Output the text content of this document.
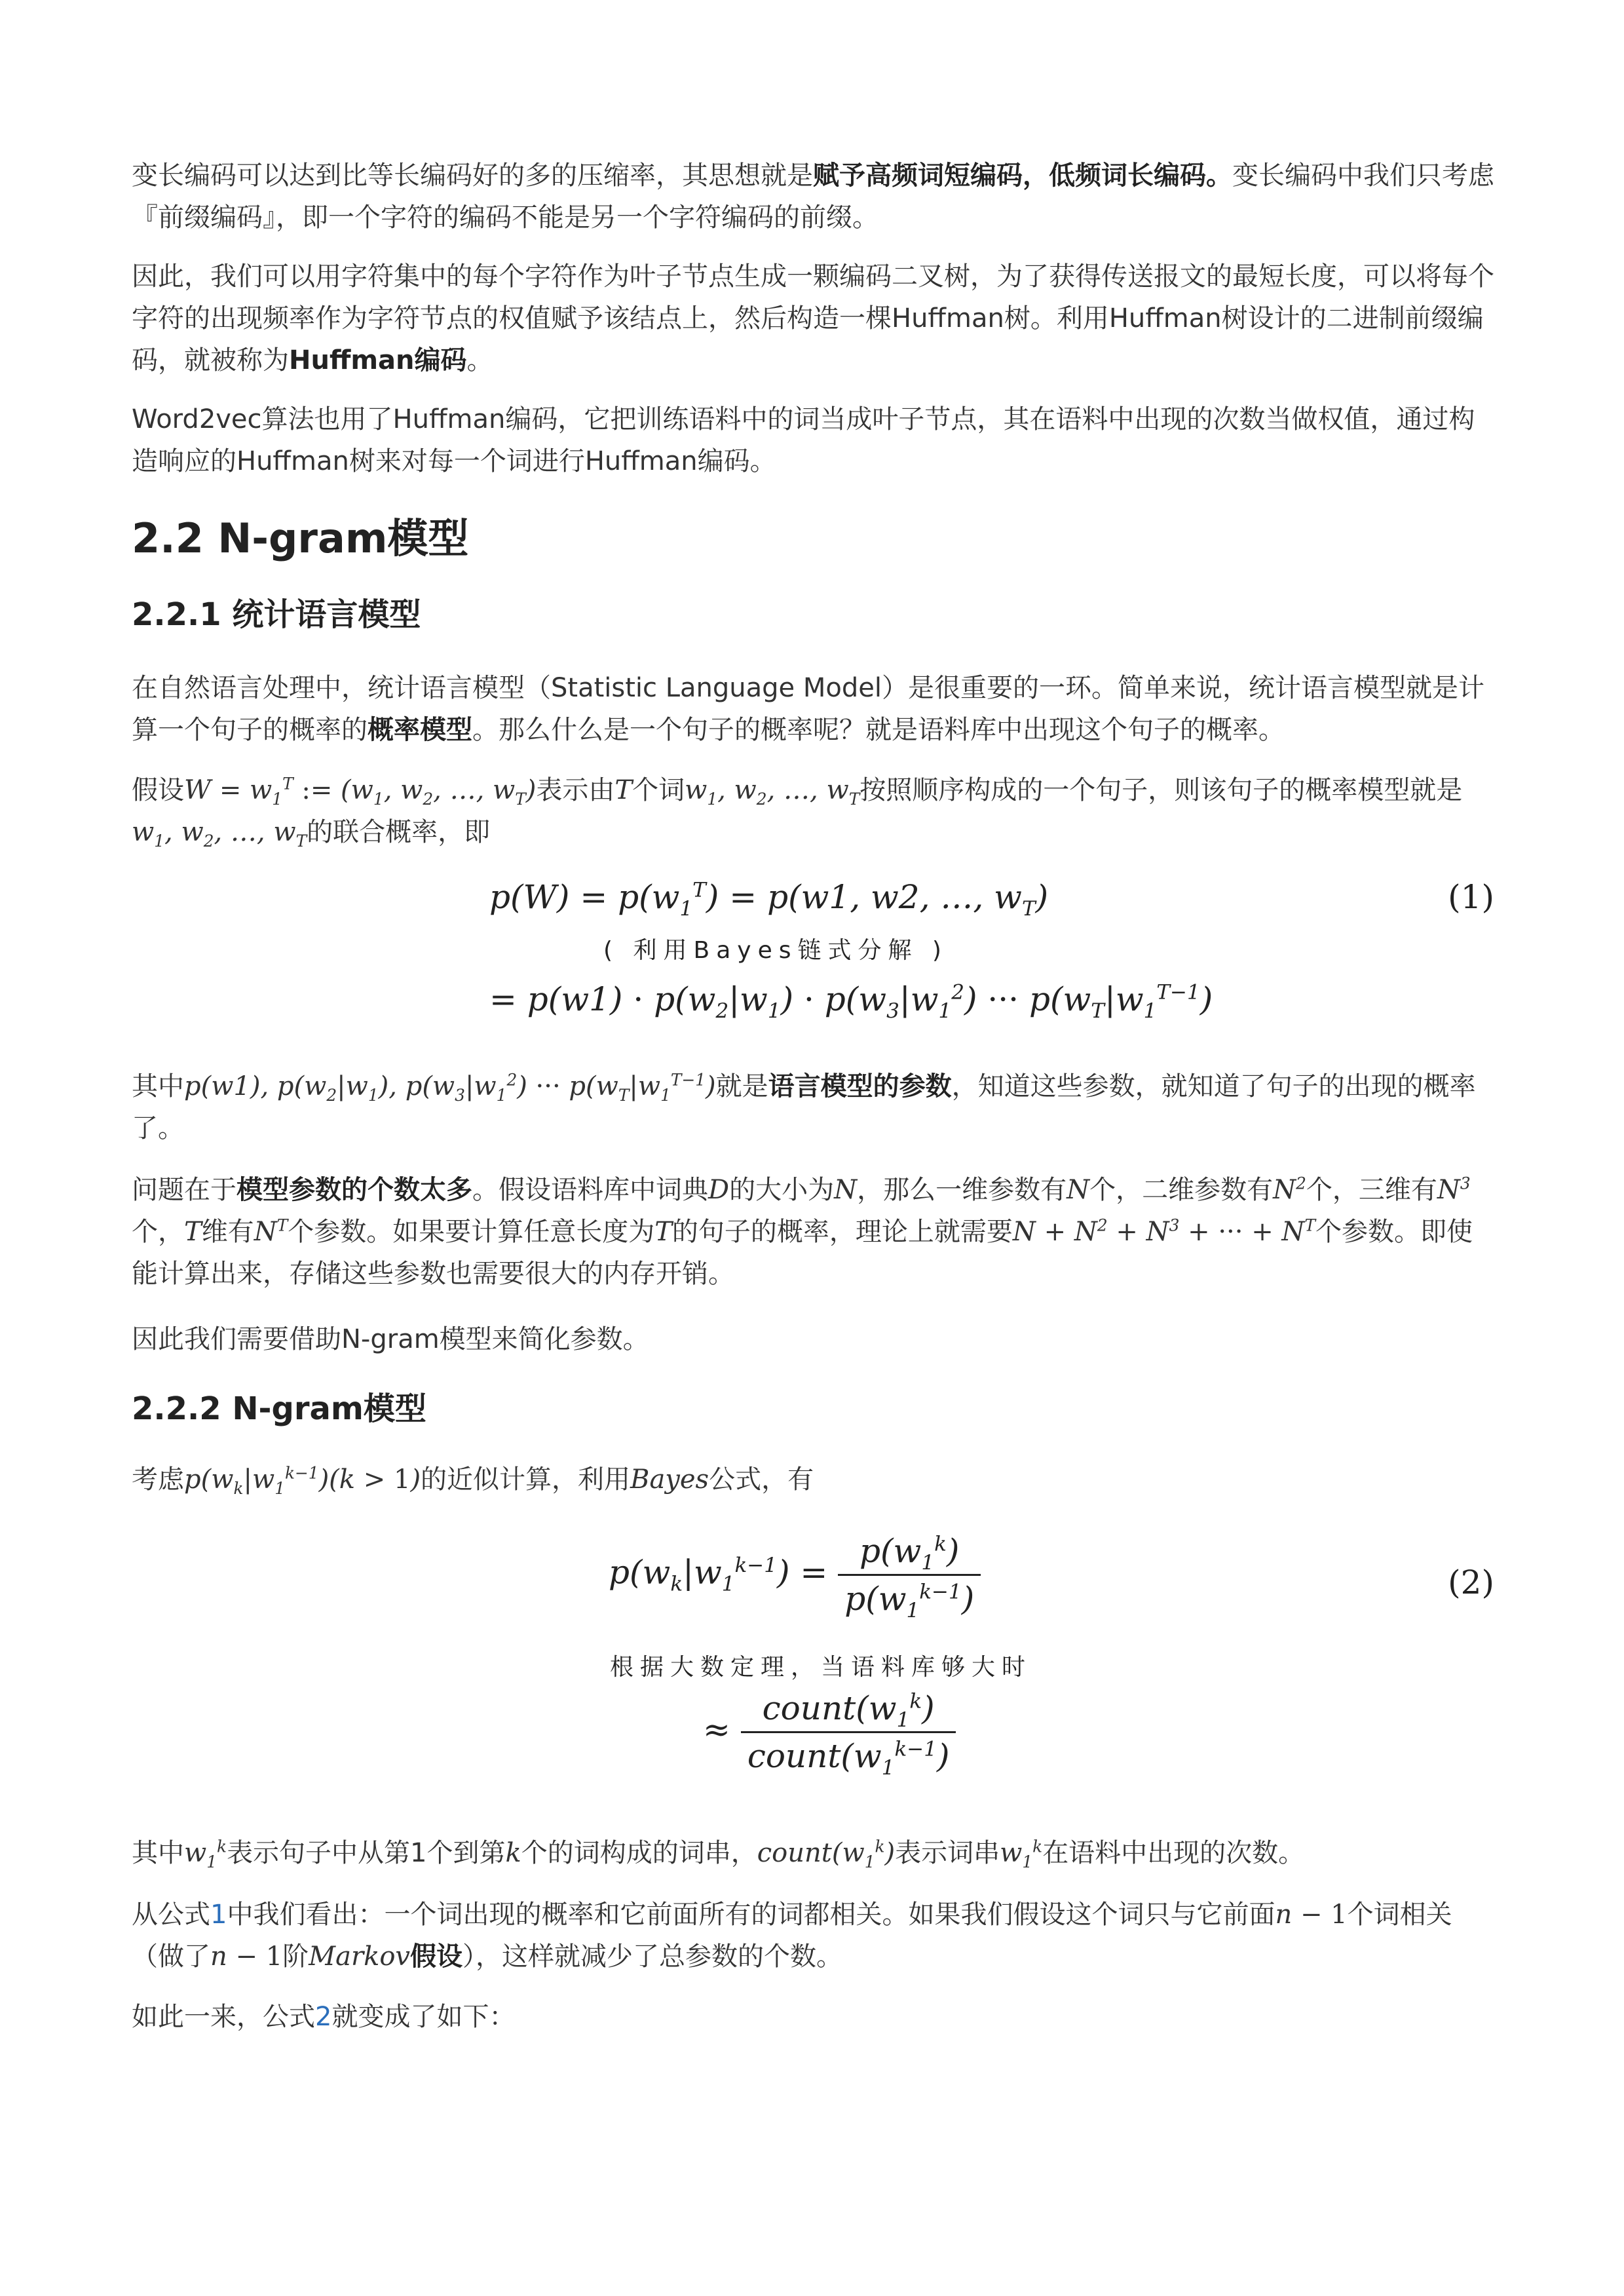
变长编码可以达到比等长编码好的多的压缩率，其思想就是赋予高频词短编码，低频词长编码。变长编码中我们只考虑『前缀编码』，即一个字符的编码不能是另一个字符编码的前缀。

因此，我们可以用字符集中的每个字符作为叶子节点生成一颗编码二叉树，为了获得传送报文的最短长度，可以将每个字符的出现频率作为字符节点的权值赋予该结点上，然后构造一棵Huffman树。利用Huffman树设计的二进制前缀编码，就被称为Huffman编码。

Word2vec算法也用了Huffman编码，它把训练语料中的词当成叶子节点，其在语料中出现的次数当做权值，通过构造响应的Huffman树来对每一个词进行Huffman编码。

2.2 N-gram模型
2.2.1 统计语言模型

在自然语言处理中，统计语言模型（Statistic Language Model）是很重要的一环。简单来说，统计语言模型就是计算一个句子的概率的概率模型。那么什么是一个句子的概率呢？就是语料库中出现这个句子的概率。

假设$W = w_1^T$ := ($w_1$, $w_2$, …, $w_T$)表示由T个词$w_1$, $w_2$, …, $w_T$按照顺序构成的一个句子，则该句子的概率模型就是$w_1$, $w_2$, …, $w_T$的联合概率，即

$p(W) = p(w_1^T) = p(w1$, w2, …, $w_T$)
( 利用Bayes链式分解 )
= $p(w1) \cdot p(w_2|w_1) \cdot p(w_3|w_1^2)$ ··· $p(w_T|w_1^{T-1})$
(1)

其中p(w1), $p(w_2|w_1)$, $p(w_3|w_1^2)$ ··· $p(w_T|w_1^{T-1})$就是语言模型的参数，知道这些参数，就知道了句子的出现的概率了。

问题在于模型参数的个数太多。假设语料库中词典D的大小为N，那么一维参数有N个，二维参数有$N^2$个，三维有$N^3$个，T维有$N^T$个参数。如果要计算任意长度为T的句子的概率，理论上就需要$N + N^2 + N^3$ + ··· + $N^T$个参数。即使能计算出来，存储这些参数也需要很大的内存开销。

因此我们需要借助N-gram模型来简化参数。

2.2.2 N-gram模型

考虑$p(w_k|w_1^{k-1})(k > 1)$的近似计算，利用Bayes公式，有

$p(w_k|w_1^{k-1}) = \frac{p(w_1^k)}{p(w_1^{k-1})}$
根据大数定理，当语料库够大时
≈ $\frac{count(w_1^k)}{count(w_1^{k-1})}$
(2)

其中$w_1^k$表示句子中从第1个到第k个的词构成的词串，$count(w_1^k)$表示词串$w_1^k$在语料中出现的次数。

从公式1中我们看出：一个词出现的概率和它前面所有的词都相关。如果我们假设这个词只与它前面n − 1个词相关（做了n − 1阶Markov假设），这样就减少了总参数的个数。

如此一来，公式2就变成了如下：
